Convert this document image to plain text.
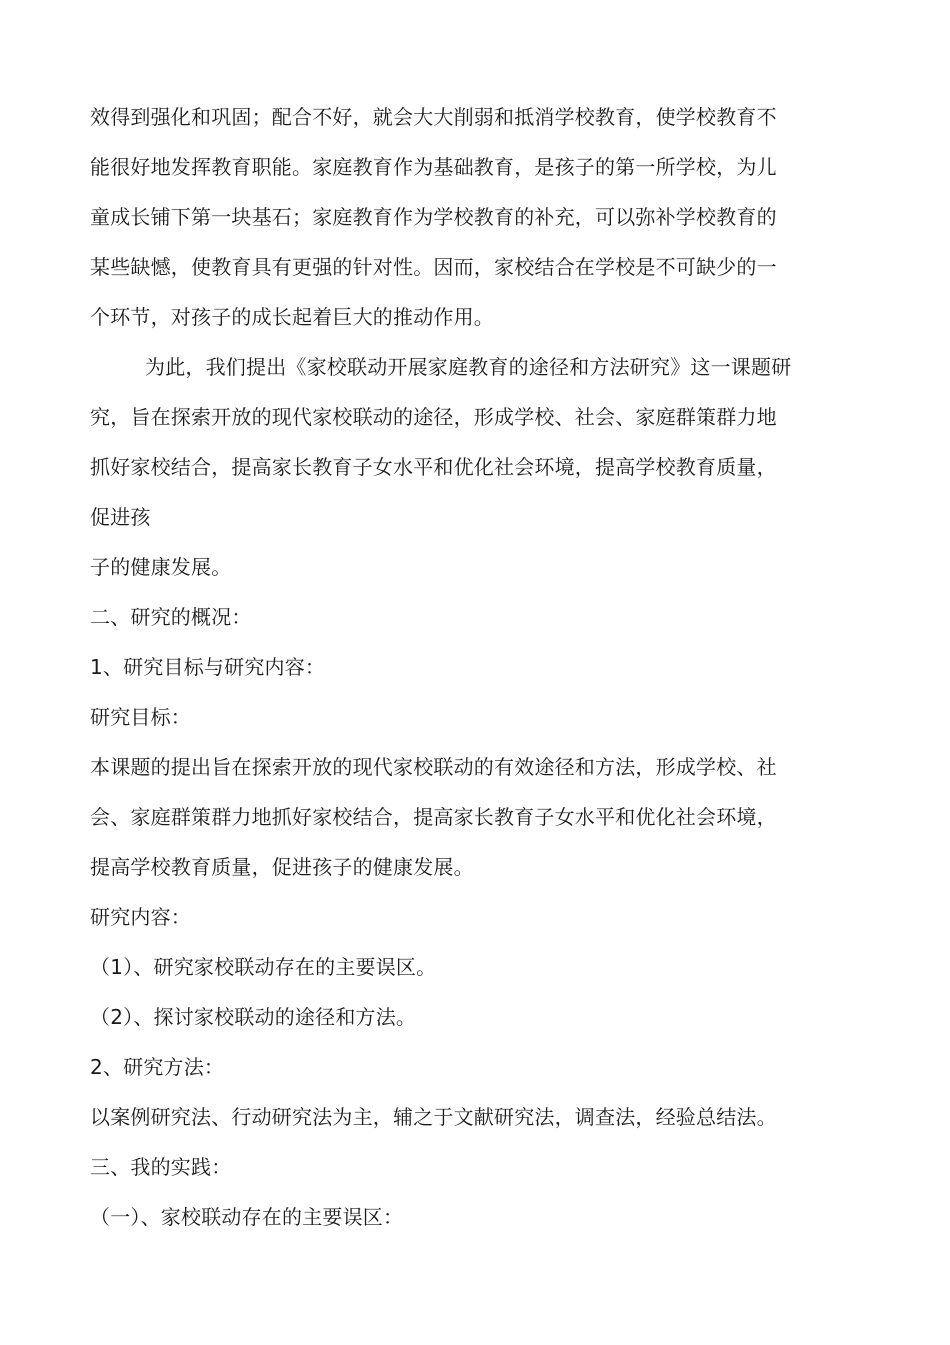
效得到强化和巩固；配合不好，就会大大削弱和抵消学校教育，使学校教育不
能很好地发挥教育职能。家庭教育作为基础教育，是孩子的第一所学校，为儿
童成长铺下第一块基石；家庭教育作为学校教育的补充，可以弥补学校教育的
某些缺憾，使教育具有更强的针对性。因而，家校结合在学校是不可缺少的一
个环节，对孩子的成长起着巨大的推动作用。
为此，我们提出《家校联动开展家庭教育的途径和方法研究》这一课题研
究，旨在探索开放的现代家校联动的途径，形成学校、社会、家庭群策群力地
抓好家校结合，提高家长教育子女水平和优化社会环境，提高学校教育质量，
促进孩
子的健康发展。
二、研究的概况：
1、研究目标与研究内容：
研究目标：
本课题的提出旨在探索开放的现代家校联动的有效途径和方法，形成学校、社
会、家庭群策群力地抓好家校结合，提高家长教育子女水平和优化社会环境，
提高学校教育质量，促进孩子的健康发展。
研究内容：
（1）、研究家校联动存在的主要误区。
（2）、探讨家校联动的途径和方法。
2、研究方法：
以案例研究法、行动研究法为主，辅之于文献研究法，调查法，经验总结法。
三、我的实践：
（一）、家校联动存在的主要误区：
